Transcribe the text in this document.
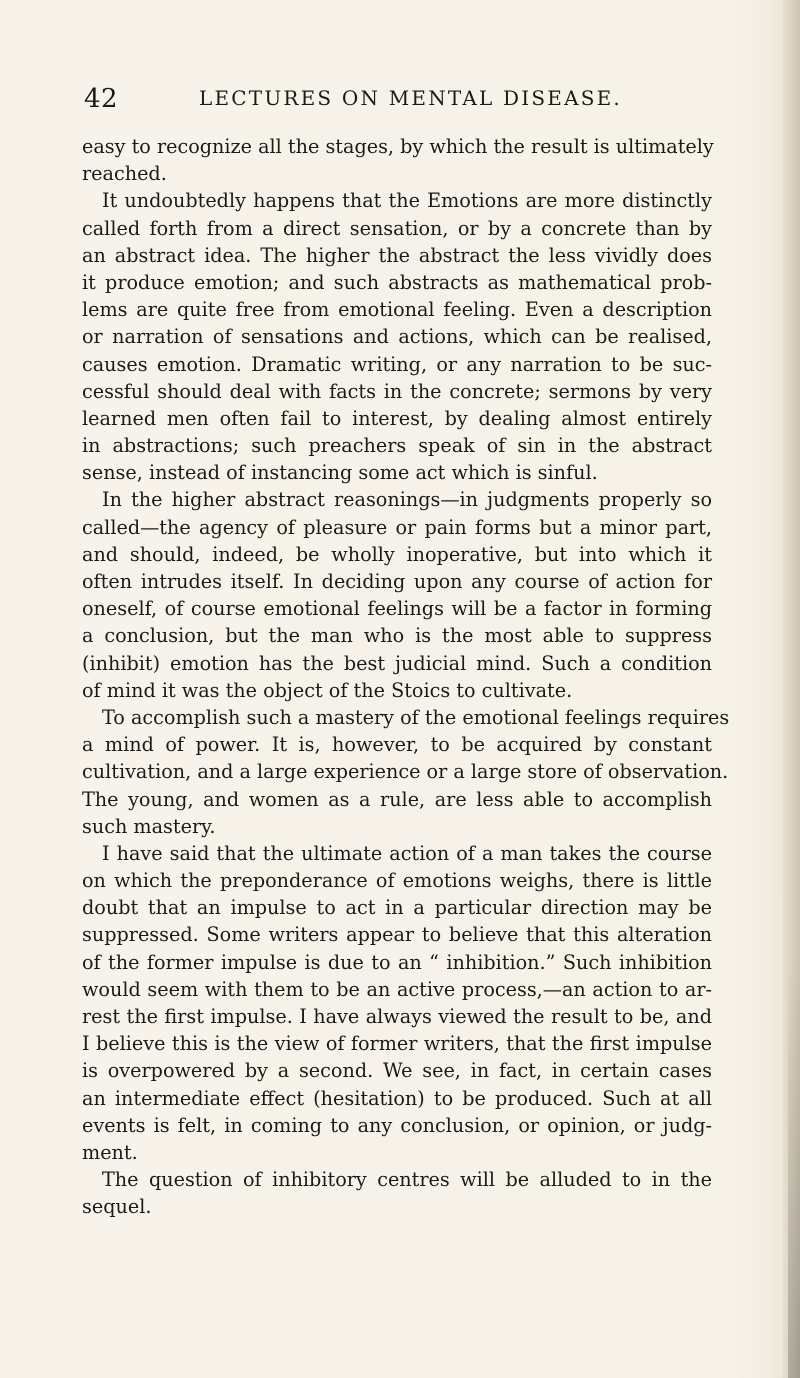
42	LECTURES ON MENTAL DISEASE.
easy to recognize all the stages, by which the result is ultimately
reached.
It undoubtedly happens that the Emotions are more distinctly
called forth from a direct sensation, or by a concrete than by
an abstract idea. The higher the abstract the less vividly does
it produce emotion; and such abstracts as mathematical prob-
lems are quite free from emotional feeling. Even a description
or narration of sensations and actions, which can be realised,
causes emotion. Dramatic writing, or any narration to be suc-
cessful should deal with facts in the concrete; sermons by very
learned men often fail to interest, by dealing almost entirely
in abstractions; such preachers speak of sin in the abstract
sense, instead of instancing some act which is sinful.
In the higher abstract reasonings—in judgments properly so
called—the agency of pleasure or pain forms but a minor part,
and should, indeed, be wholly inoperative, but into which it
often intrudes itself. In deciding upon any course of action for
oneself, of course emotional feelings will be a factor in forming
a conclusion, but the man who is the most able to suppress
(inhibit) emotion has the best judicial mind. Such a condition
of mind it was the object of the Stoics to cultivate.
To accomplish such a mastery of the emotional feelings requires
a mind of power. It is, however, to be acquired by constant
cultivation, and a large experience or a large store of observation.
The young, and women as a rule, are less able to accomplish
such mastery.
I have said that the ultimate action of a man takes the course
on which the preponderance of emotions weighs, there is little
doubt that an impulse to act in a particular direction may be
suppressed. Some writers appear to believe that this alteration
of the former impulse is due to an “ inhibition.” Such inhibition
would seem with them to be an active process,—an action to ar-
rest the first impulse. I have always viewed the result to be, and
I believe this is the view of former writers, that the first impulse
is overpowered by a second. We see, in fact, in certain cases
an intermediate effect (hesitation) to be produced. Such at all
events is felt, in coming to any conclusion, or opinion, or judg-
ment.
The question of inhibitory centres will be alluded to in the
sequel.
